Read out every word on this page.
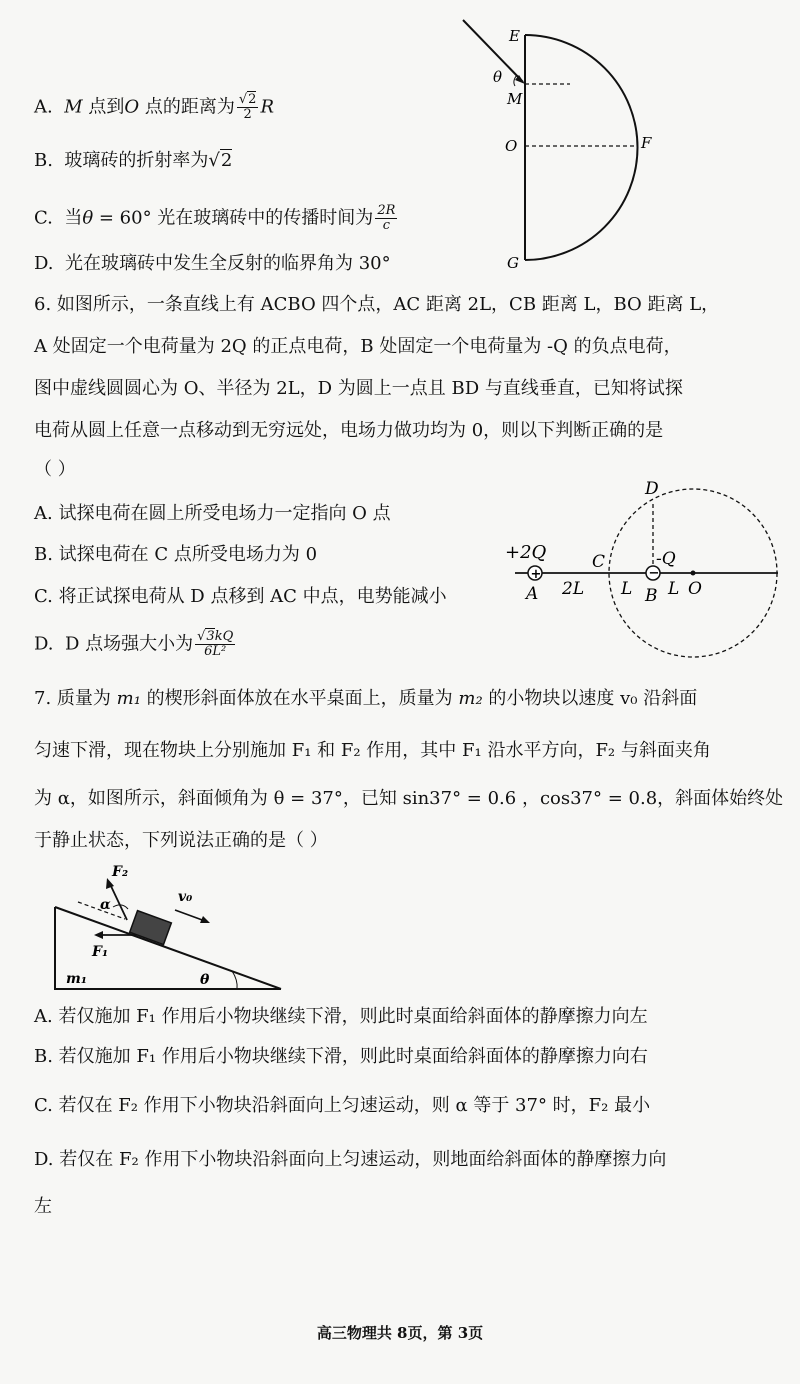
A. M 点到O 点的距离为 $\frac{√2}{2}$ R
B. 玻璃砖的折射率为√2
C. 当θ = 60° 光在玻璃砖中的传播时间为 $\frac{2R}{c}$
D. 光在玻璃砖中发生全反射的临界角为 30°
E
θ
M
O	F
G
6. 如图所示，一条直线上有 ACBO 四个点，AC 距离 2L，CB 距离 L，BO 距离 L，
A 处固定一个电荷量为 2Q 的正点电荷，B 处固定一个电荷量为 -Q 的负点电荷，
图中虚线圆圆心为 O、半径为 2L，D 为圆上一点且 BD 与直线垂直，已知将试探
电荷从圆上任意一点移动到无穷远处，电场力做功均为 0，则以下判断正确的是
（ ）
A. 试探电荷在圆上所受电场力一定指向 O 点
B. 试探电荷在 C 点所受电场力为 0
C. 将正试探电荷从 D 点移到 AC 中点，电势能减小
D. D 点场强大小为 $\frac{√3kQ}{\text{6L²}}$
+	−
+2Q
A
C
D
-Q
2L L B L O
7. 质量为 m₁ 的楔形斜面体放在水平桌面上，质量为 m₂ 的小物块以速度 v₀ 沿斜面
匀速下滑，现在物块上分别施加 F₁ 和 F₂ 作用，其中 F₁ 沿水平方向，F₂ 与斜面夹角
为 α，如图所示，斜面倾角为 θ = 37°，已知 sin37° = 0.6 ，cos37° = 0.8，斜面体始终处
于静止状态，下列说法正确的是（ ）
F₂
α	v₀
F₁
m₁	θ
A. 若仅施加 F₁ 作用后小物块继续下滑，则此时桌面给斜面体的静摩擦力向左
B. 若仅施加 F₁ 作用后小物块继续下滑，则此时桌面给斜面体的静摩擦力向右
C. 若仅在 F₂ 作用下小物块沿斜面向上匀速运动，则 α 等于 37° 时，F₂ 最小
D. 若仅在 F₂ 作用下小物块沿斜面向上匀速运动，则地面给斜面体的静摩擦力向
左
高三物理共 8页，第 3页
